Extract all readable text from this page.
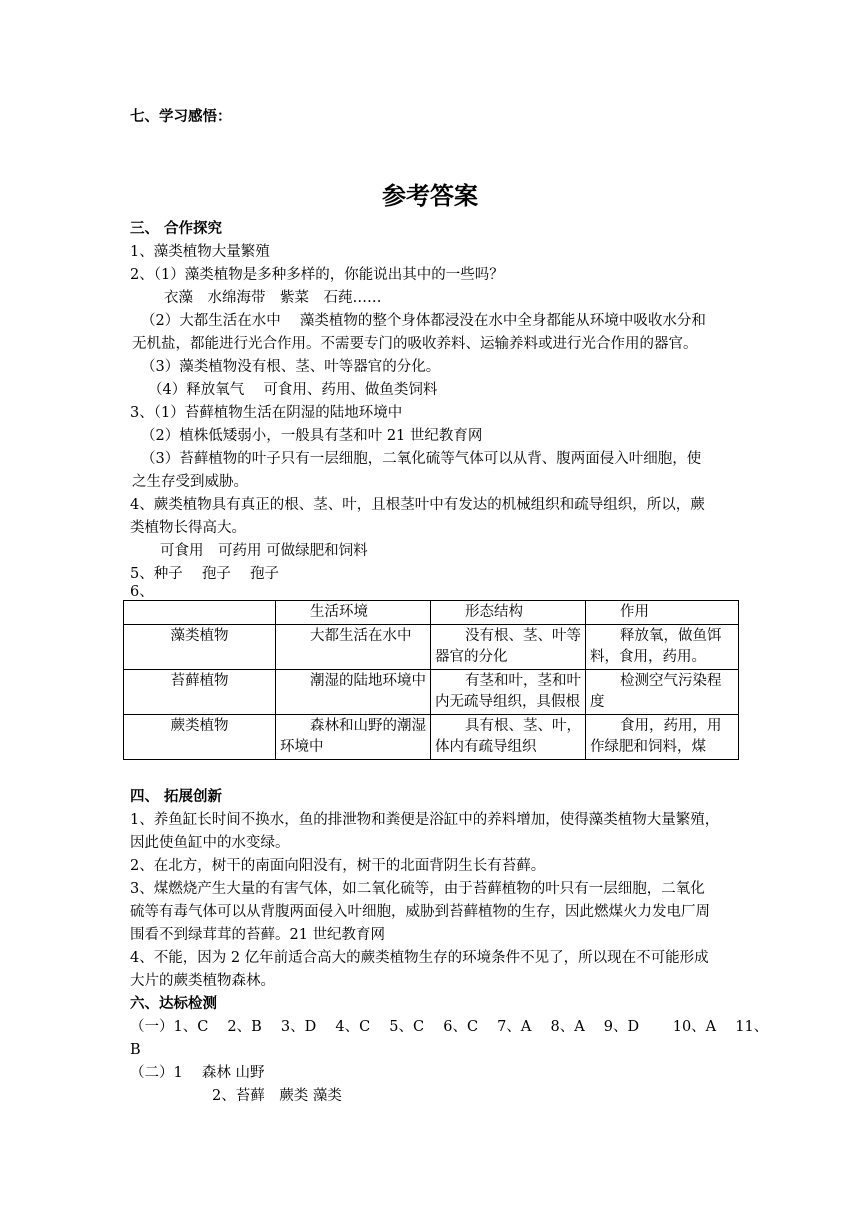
七、学习感悟：
参考答案
三、 合作探究
1、藻类植物大量繁殖
2、（1）藻类植物是多种多样的，你能说出其中的一些吗？
衣藻　水绵海带　紫菜　石莼……
（2）大都生活在水中　 藻类植物的整个身体都浸没在水中全身都能从环境中吸收水分和
无机盐，都能进行光合作用。不需要专门的吸收养料、运输养料或进行光合作用的器官。
（3）藻类植物没有根、茎、叶等器官的分化。
（4）释放氧气　 可食用、药用、做鱼类饲料
3、（1）苔藓植物生活在阴湿的陆地环境中
（2）植株低矮弱小，一般具有茎和叶 21 世纪教育网
（3）苔藓植物的叶子只有一层细胞，二氧化硫等气体可以从背、腹两面侵入叶细胞，使
之生存受到威胁。
4、蕨类植物具有真正的根、茎、叶，且根茎叶中有发达的机械组织和疏导组织，所以，蕨
类植物长得高大。
可食用　可药用 可做绿肥和饲料
5、种子　 孢子　 孢子
6、
	生活环境	形态结构	作用
藻类植物	大都生活在水中	没有根、茎、叶等器官的分化	释放氧，做鱼饵料，食用，药用。
苔藓植物	潮湿的陆地环境中	有茎和叶，茎和叶内无疏导组织，具假根	检测空气污染程度
蕨类植物	森林和山野的潮湿环境中	具有根、茎、叶，体内有疏导组织	食用，药用，用作绿肥和饲料，煤
四、 拓展创新
1、养鱼缸长时间不换水，鱼的排泄物和粪便是浴缸中的养料增加，使得藻类植物大量繁殖，
因此使鱼缸中的水变绿。
2、在北方，树干的南面向阳没有，树干的北面背阴生长有苔藓。
3、煤燃烧产生大量的有害气体，如二氧化硫等，由于苔藓植物的叶只有一层细胞，二氧化
硫等有毒气体可以从背腹两面侵入叶细胞，威胁到苔藓植物的生存，因此燃煤火力发电厂周
围看不到绿茸茸的苔藓。21 世纪教育网
4、不能，因为 2 亿年前适合高大的蕨类植物生存的环境条件不见了，所以现在不可能形成
大片的蕨类植物森林。
六、达标检测
（一）1、C　 2、B　 3、D　 4、C　 5、C　 6、C　 7、A　 8、A　 9、D　　 10、A　 11、
B
（二）1　 森林 山野
2、苔藓　蕨类 藻类
